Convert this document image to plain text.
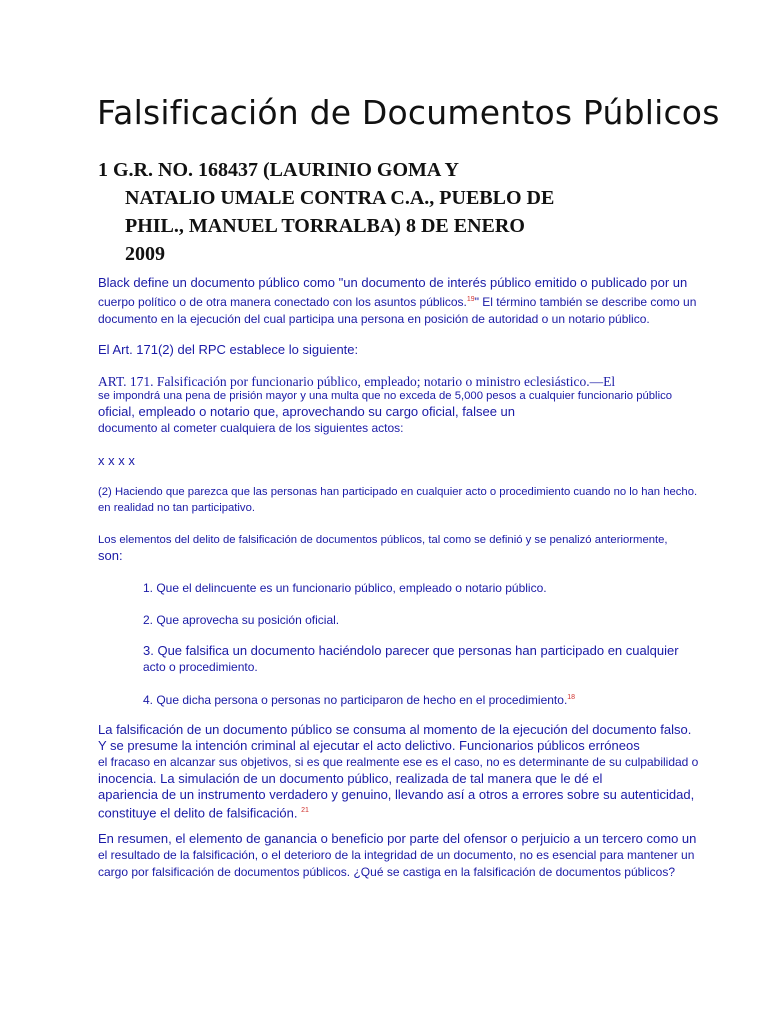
Falsificación de Documentos Públicos
1 G.R. NO. 168437 (LAURINIO GOMA Y
NATALIO UMALE CONTRA C.A., PUEBLO DE
PHIL., MANUEL TORRALBA) 8 DE ENERO
2009
Black define un documento público como "un documento de interés público emitido o publicado por un
cuerpo político o de otra manera conectado con los asuntos públicos.$^{19}$" El término también se describe como un
documento en la ejecución del cual participa una persona en posición de autoridad o un notario público.
El Art. 171(2) del RPC establece lo siguiente:
ART. 171. Falsificación por funcionario público, empleado; notario o ministro eclesiástico.—El
se impondrá una pena de prisión mayor y una multa que no exceda de 5,000 pesos a cualquier funcionario público
oficial, empleado o notario que, aprovechando su cargo oficial, falsee un
documento al cometer cualquiera de los siguientes actos:
x x x x
(2) Haciendo que parezca que las personas han participado en cualquier acto o procedimiento cuando no lo han hecho.
en realidad no tan participativo.
Los elementos del delito de falsificación de documentos públicos, tal como se definió y se penalizó anteriormente,
son:
1. Que el delincuente es un funcionario público, empleado o notario público.
2. Que aprovecha su posición oficial.
3. Que falsifica un documento haciéndolo parecer que personas han participado en cualquier
acto o procedimiento.
4. Que dicha persona o personas no participaron de hecho en el procedimiento.$^{18}$
La falsificación de un documento público se consuma al momento de la ejecución del documento falso.
Y se presume la intención criminal al ejecutar el acto delictivo. Funcionarios públicos erróneos
el fracaso en alcanzar sus objetivos, si es que realmente ese es el caso, no es determinante de su culpabilidad o
inocencia. La simulación de un documento público, realizada de tal manera que le dé el
apariencia de un instrumento verdadero y genuino, llevando así a otros a errores sobre su autenticidad,
constituye el delito de falsificación. $^{21}$
En resumen, el elemento de ganancia o beneficio por parte del ofensor o perjuicio a un tercero como un
el resultado de la falsificación, o el deterioro de la integridad de un documento, no es esencial para mantener un
cargo por falsificación de documentos públicos. ¿Qué se castiga en la falsificación de documentos públicos?
